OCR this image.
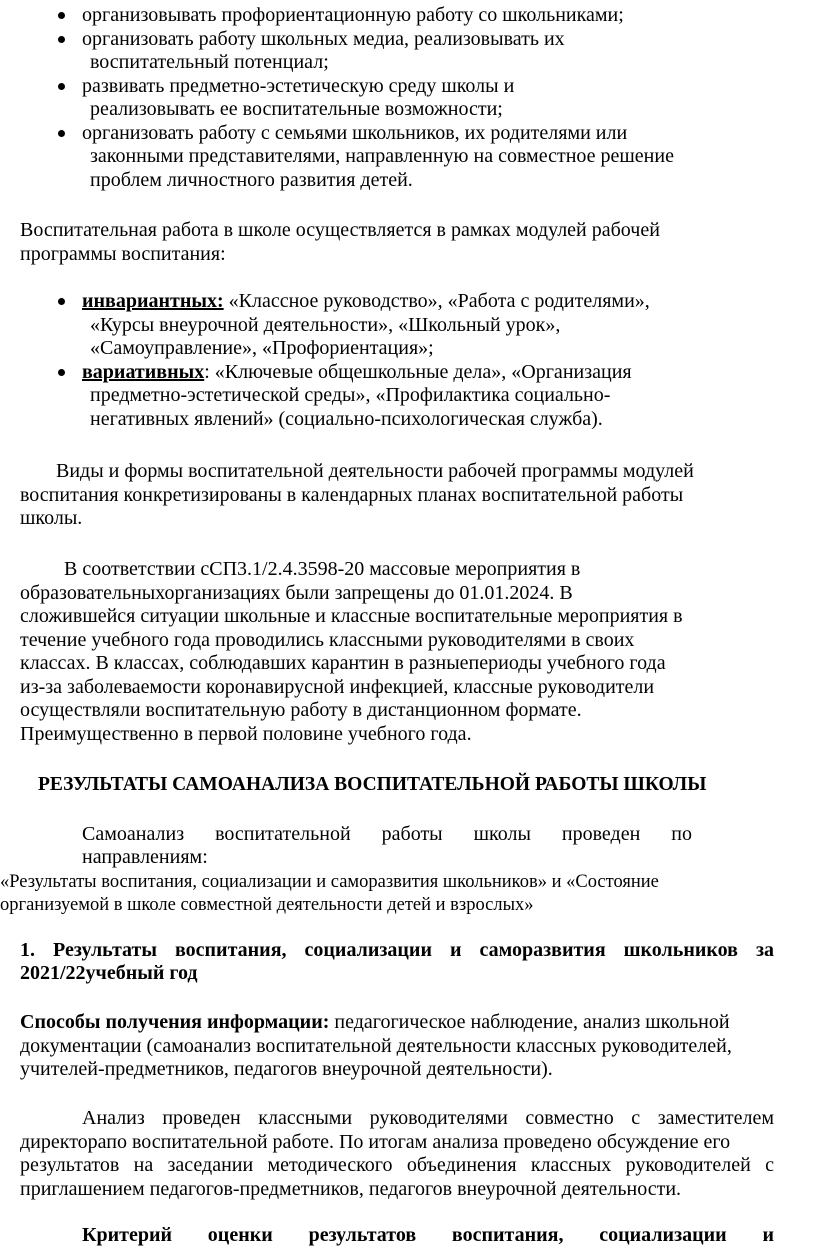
организовывать профориентационную работу со школьниками;
организовать работу школьных медиа, реализовывать их
воспитательный потенциал;
развивать предметно-эстетическую среду школы и
реализовывать ее воспитательные возможности;
организовать работу с семьями школьников, их родителями или
законными представителями, направленную на совместное решение
проблем личностного развития детей.
Воспитательная работа в школе осуществляется в рамках модулей рабочей
программы воспитания:
инвариантных: «Классное руководство», «Работа с родителями»,
«Курсы внеурочной деятельности», «Школьный урок»,
«Самоуправление», «Профориентация»;
вариативных: «Ключевые общешкольные дела», «Организация
предметно-эстетической среды», «Профилактика социально-
негативных явлений» (социально-психологическая служба).
Виды и формы воспитательной деятельности рабочей программы модулей
воспитания конкретизированы в календарных планах воспитательной работы
школы.
В соответствии сСП3.1/2.4.3598-20 массовые мероприятия в
образовательныхорганизациях были запрещены до 01.01.2024. В
сложившейся ситуации школьные и классные воспитательные мероприятия в
течение учебного года проводились классными руководителями в своих
классах. В классах, соблюдавших карантин в разныепериоды учебного года
из-за заболеваемости коронавирусной инфекцией, классные руководители
осуществляли воспитательную работу в дистанционном формате.
Преимущественно в первой половине учебного года.
РЕЗУЛЬТАТЫ САМОАНАЛИЗА ВОСПИТАТЕЛЬНОЙ РАБОТЫ ШКОЛЫ
Самоанализ воспитательной работы школы проведен по
направлениям:
«Результаты воспитания, социализации и саморазвития школьников» и «Состояние
организуемой в школе совместной деятельности детей и взрослых»
1. Результаты воспитания, социализации и саморазвития школьников за
2021/22учебный год
Способы получения информации: педагогическое наблюдение, анализ школьной
документации (самоанализ воспитательной деятельности классных руководителей,
учителей-предметников, педагогов внеурочной деятельности).
Анализ проведен классными руководителями совместно с заместителем
директорапо воспитательной работе. По итогам анализа проведено обсуждение его
результатов на заседании методического объединения классных руководителей с
приглашением педагогов-предметников, педагогов внеурочной деятельности.
Критерий оценки результатов воспитания, социализации и
